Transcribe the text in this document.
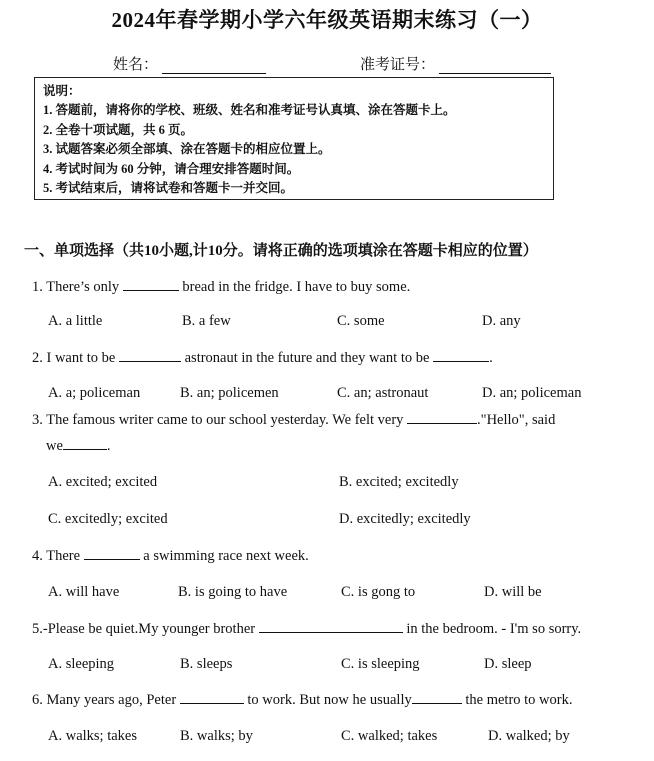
2024年春学期小学六年级英语期末练习（一）
姓名：	准考证号：
说明：
1. 答题前，请将你的学校、班级、姓名和准考证号认真填、涂在答题卡上。
2. 全卷十项试题，共 6 页。
3. 试题答案必须全部填、涂在答题卡的相应位置上。
4. 考试时间为 60 分钟，请合理安排答题时间。
5. 考试结束后，请将试卷和答题卡一并交回。
一、单项选择（共10小题,计10分。请将正确的选项填涂在答题卡相应的位置）
1. There’s only	bread in the fridge. I have to buy some.
A. a little	B. a few	C. some	D. any
2. I want to be	astronaut in the future and they want to be	.
A. a; policeman	B. an; policemen	C. an; astronaut	D. an; policeman
3. The famous writer came to our school yesterday. We felt very	."Hello", said
we	.
A. excited; excited	B. excited; excitedly
C. excitedly; excited	D. excitedly; excitedly
4. There	a swimming race next week.
A. will have	B. is going to have	C. is gong to	D. will be
5.-Please be quiet.My younger brother	in the bedroom. - I'm so sorry.
A. sleeping	B. sleeps	C. is sleeping	D. sleep
6. Many years ago, Peter	to work. But now he usually	the metro to work.
A. walks; takes	B. walks; by	C. walked; takes	D. walked; by
